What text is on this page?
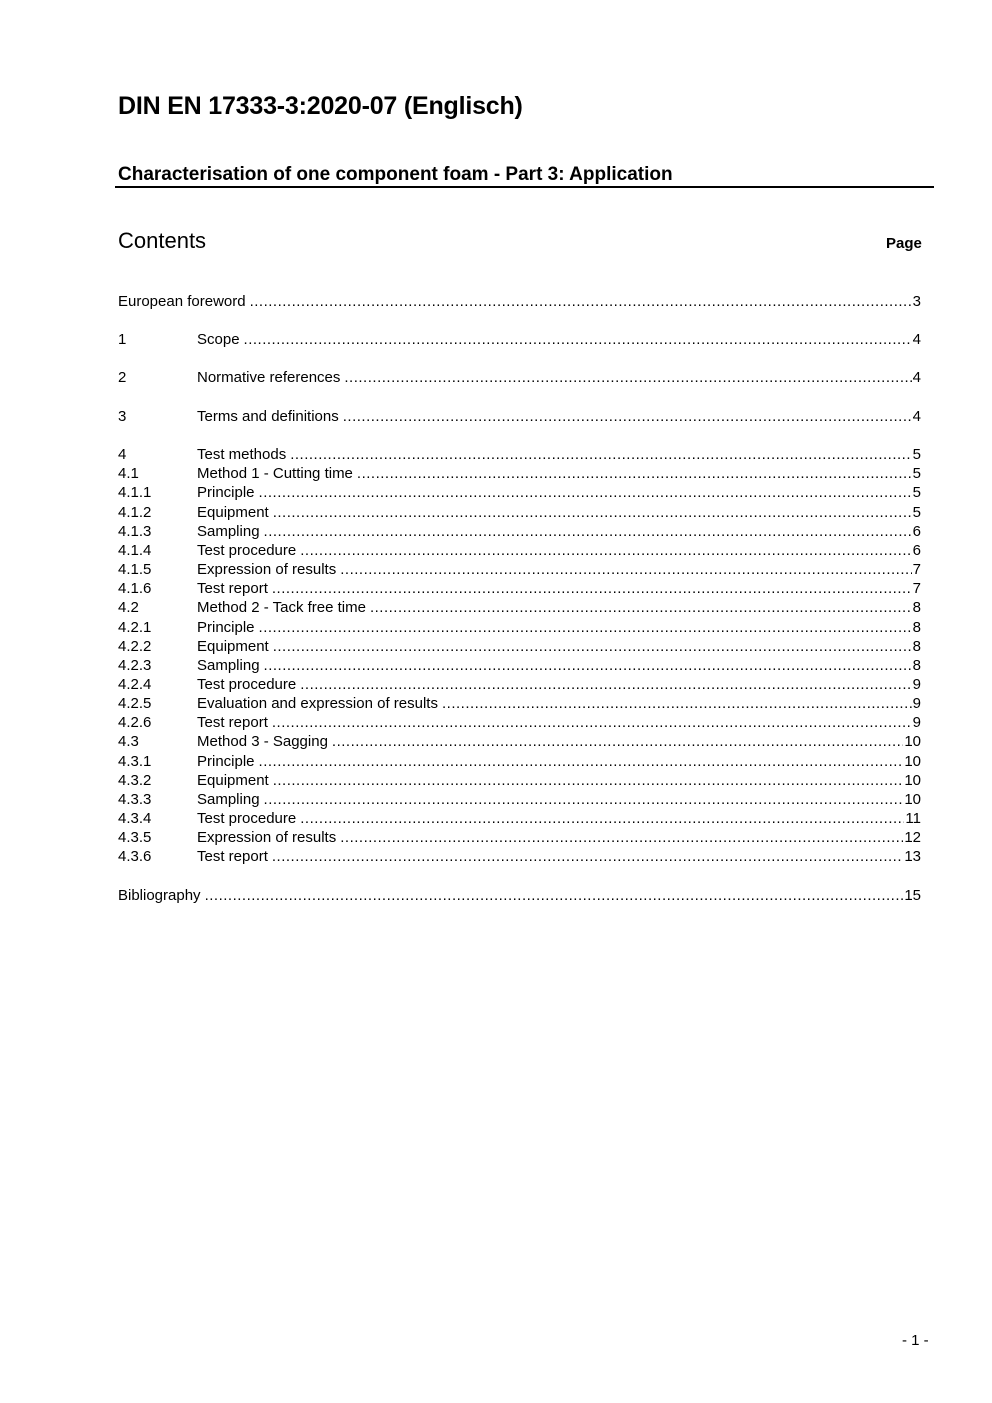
DIN EN 17333-3:2020-07 (Englisch)
Characterisation of one component foam - Part 3: Application
Contents	Page
European foreword .....	3
1	Scope .....	4
2	Normative references .....	4
3	Terms and definitions .....	4
4	Test methods .....	5
4.1	Method 1 - Cutting time .....	5
4.1.1	Principle .....	5
4.1.2	Equipment .....	5
4.1.3	Sampling .....	6
4.1.4	Test procedure .....	6
4.1.5	Expression of results .....	7
4.1.6	Test report .....	7
4.2	Method 2 - Tack free time .....	8
4.2.1	Principle .....	8
4.2.2	Equipment .....	8
4.2.3	Sampling .....	8
4.2.4	Test procedure .....	9
4.2.5	Evaluation and expression of results .....	9
4.2.6	Test report .....	9
4.3	Method 3 - Sagging .....	10
4.3.1	Principle .....	10
4.3.2	Equipment .....	10
4.3.3	Sampling .....	10
4.3.4	Test procedure .....	11
4.3.5	Expression of results .....	12
4.3.6	Test report .....	13
Bibliography .....	15
- 1 -
